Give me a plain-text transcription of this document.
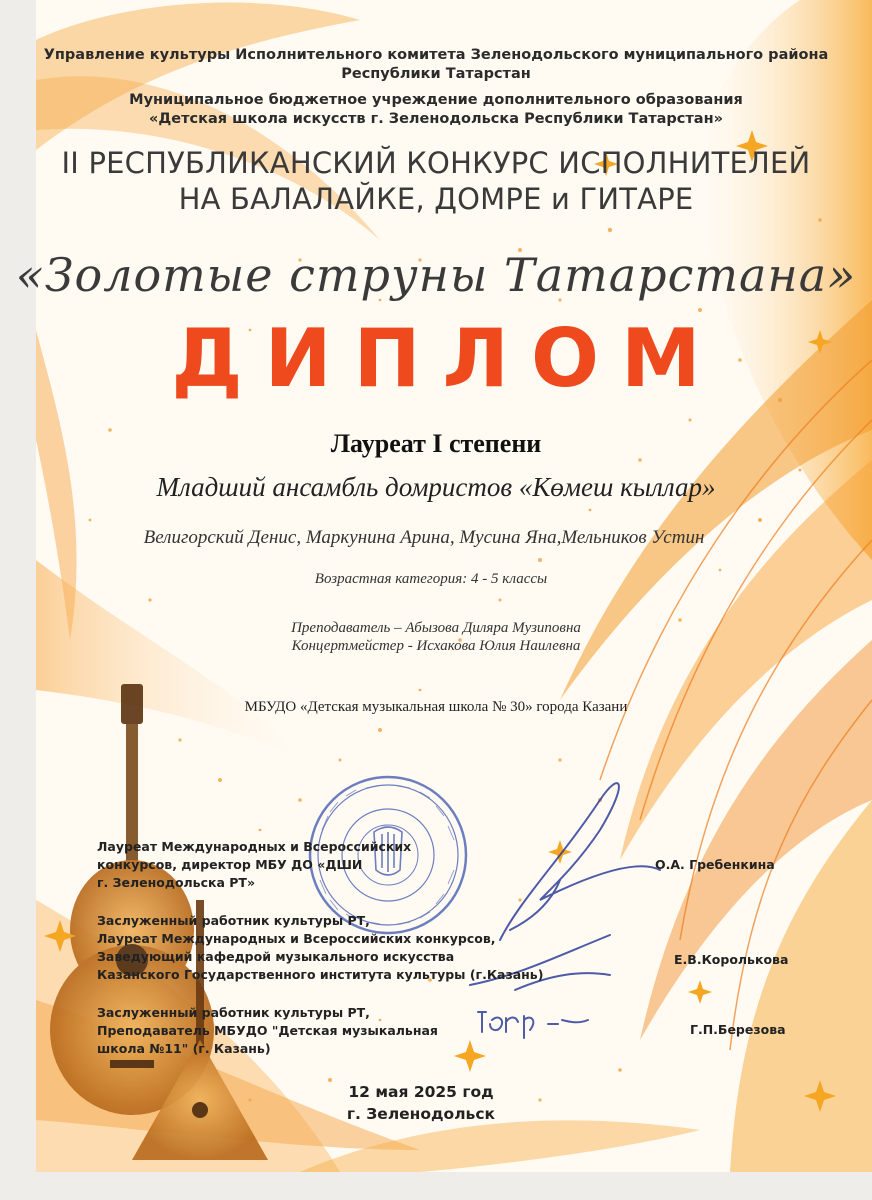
Управление культуры Исполнительного комитета Зеленодольского муниципального района
Республики Татарстан
Муниципальное бюджетное учреждение дополнительного образования
«Детская школа искусств г. Зеленодольска Республики Татарстан»
II РЕСПУБЛИКАНСКИЙ КОНКУРС ИСПОЛНИТЕЛЕЙ
НА БАЛАЛАЙКЕ, ДОМРЕ и ГИТАРЕ
«Золотые струны Татарстана»
ДИПЛОМ
Лауреат I степени
Младший ансамбль домристов «Көмеш кыллар»
Велигорский Денис, Маркунина Арина, Мусина Яна,Мельников Устин
Возрастная категория: 4 - 5 классы
Преподаватель – Абызова Диляра Музиповна
Концертмейстер - Исхакова Юлия Наилевна
МБУДО «Детская музыкальная школа № 30» города Казани
Лауреат Международных и Всероссийских
конкурсов, директор МБУ ДО «ДШИ
г. Зеленодольска РТ»
О.А. Гребенкина
Заслуженный работник культуры РТ,
Лауреат Международных и Всероссийских конкурсов,
Заведующий кафедрой музыкального искусства
Казанского Государственного института культуры (г.Казань)
Е.В.Королькова
Заслуженный работник культуры РТ,
Преподаватель МБУДО "Детская музыкальная
школа №11" (г. Казань)
Г.П.Березова
12 мая 2025 год
г. Зеленодольск
